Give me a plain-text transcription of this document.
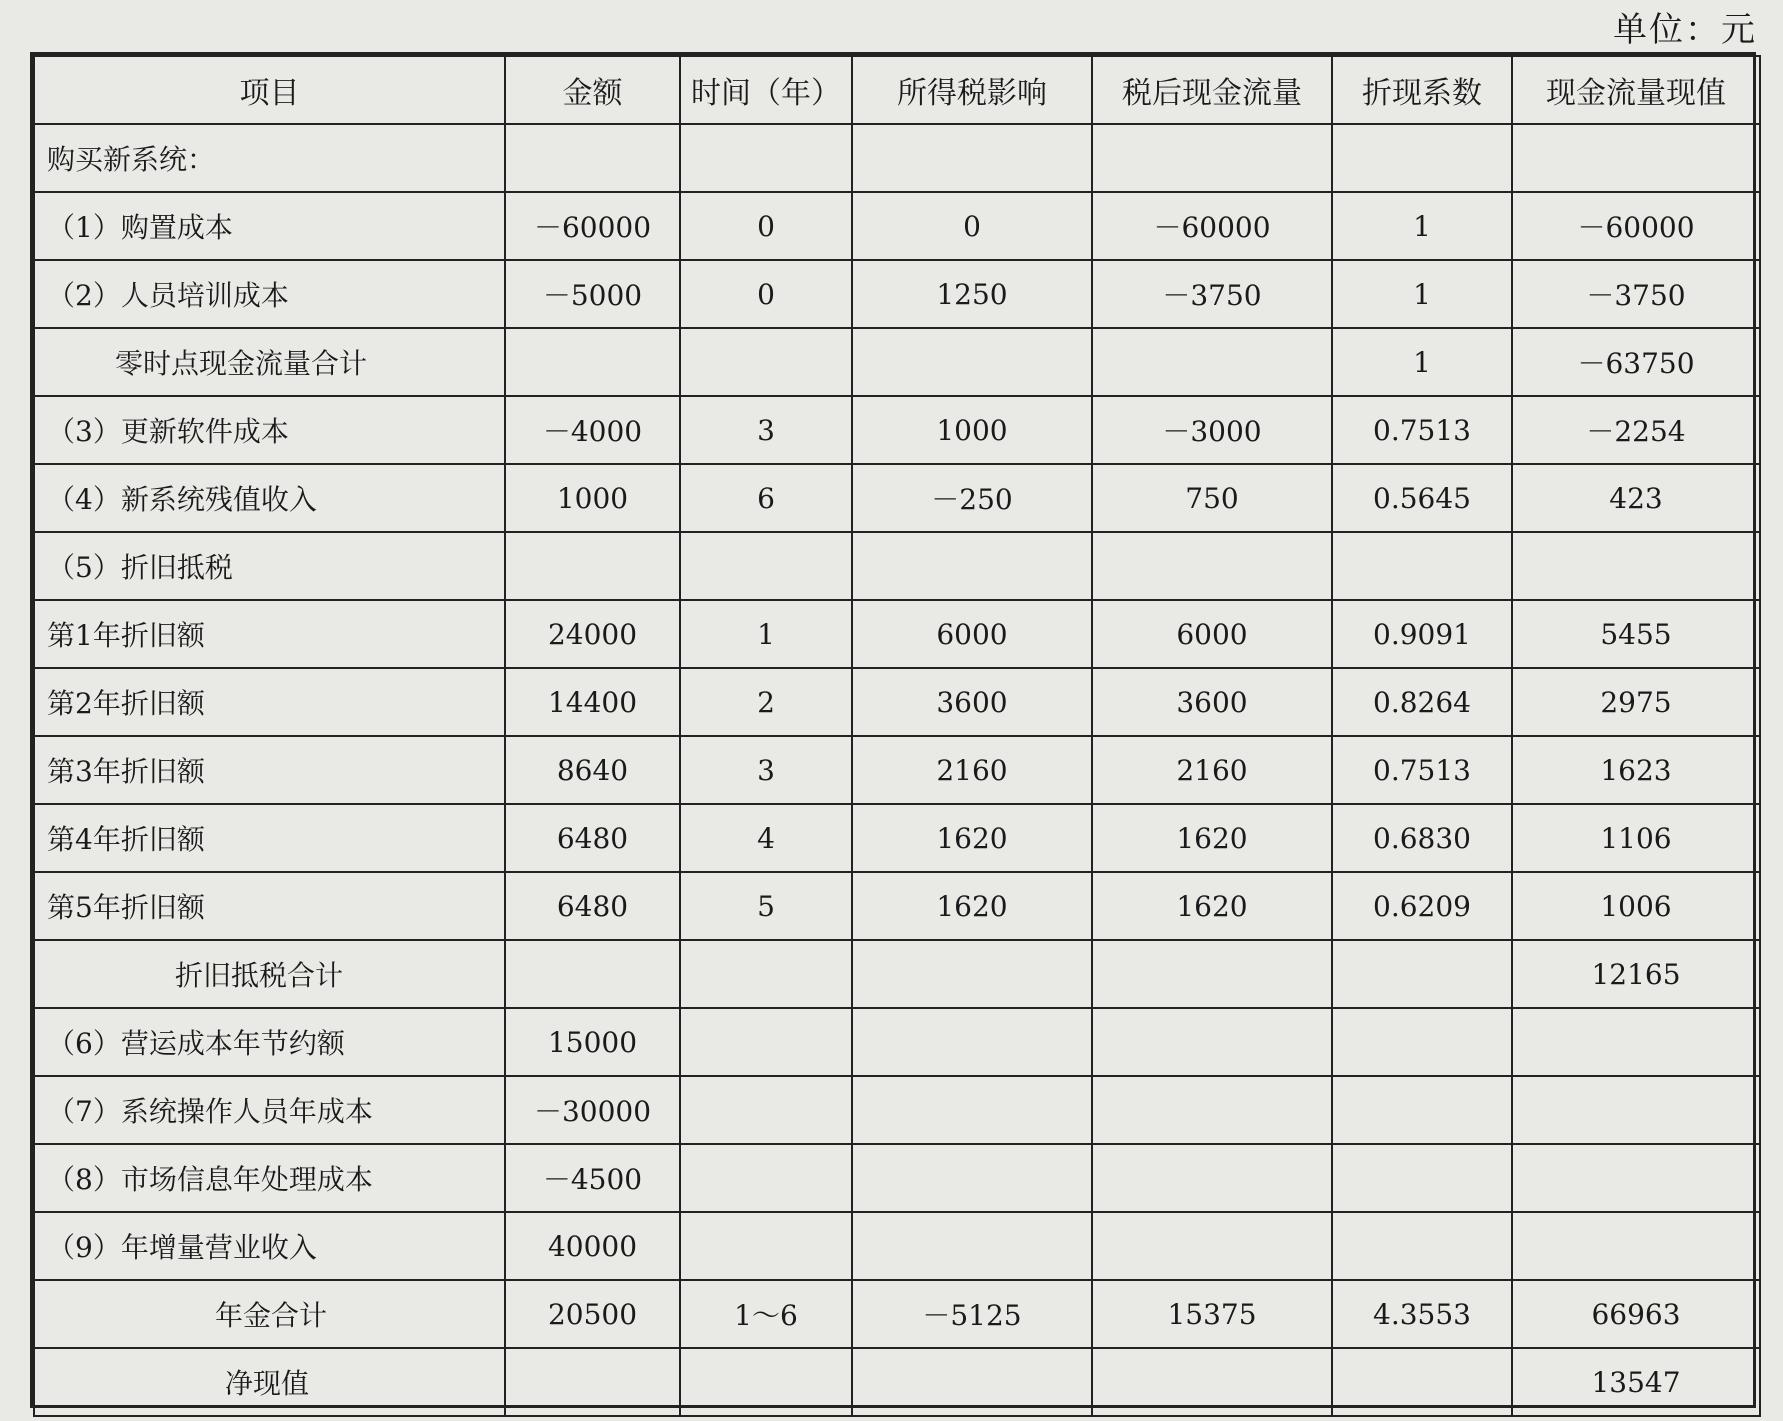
单位：元
项目	金额	时间（年）	所得税影响	税后现金流量	折现系数	现金流量现值
购买新系统：						
（1）购置成本	－60000	0	0	－60000	1	－60000
（2）人员培训成本	－5000	0	1250	－3750	1	－3750
零时点现金流量合计					1	－63750
（3）更新软件成本	－4000	3	1000	－3000	0.7513	－2254
（4）新系统残值收入	1000	6	－250	750	0.5645	423
（5）折旧抵税						
第1年折旧额	24000	1	6000	6000	0.9091	5455
第2年折旧额	14400	2	3600	3600	0.8264	2975
第3年折旧额	8640	3	2160	2160	0.7513	1623
第4年折旧额	6480	4	1620	1620	0.6830	1106
第5年折旧额	6480	5	1620	1620	0.6209	1006
折旧抵税合计						12165
（6）营运成本年节约额	15000					
（7）系统操作人员年成本	－30000					
（8）市场信息年处理成本	－4500					
（9）年增量营业收入	40000					
年金合计	20500	1～6	－5125	15375	4.3553	66963
净现值						13547
